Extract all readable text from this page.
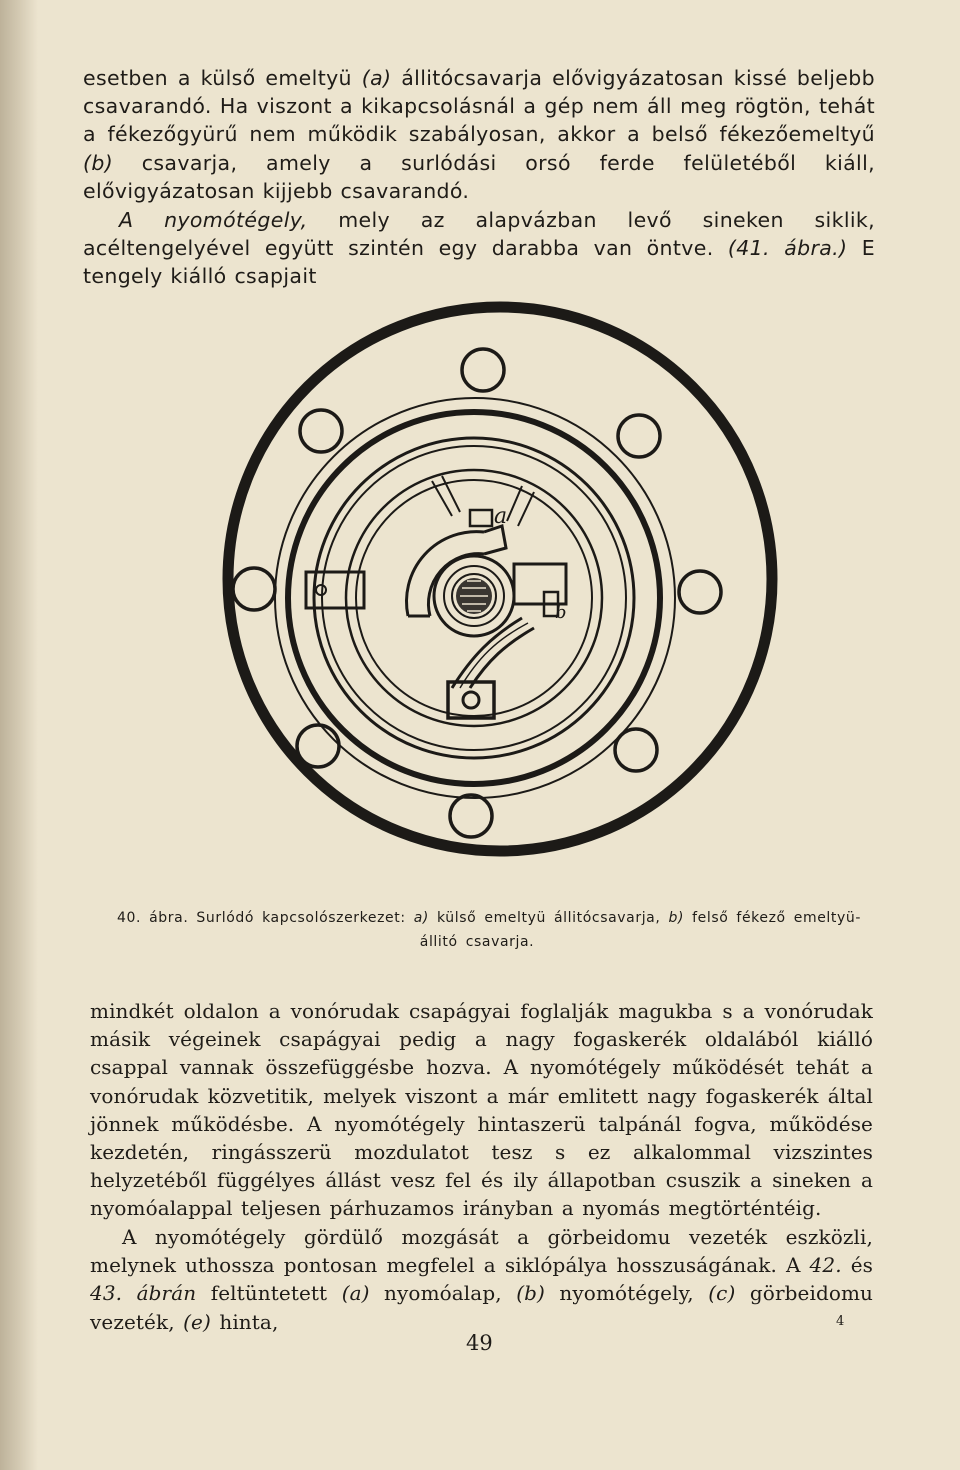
esetben a külső emeltyü (a) állitócsavarja elővigyázatosan kissé beljebb csavarandó. Ha viszont a kikapcsolásnál a gép nem áll meg rögtön, tehát a fékezőgyürű nem működik szabályosan, akkor a belső fékezőemeltyű (b) csavarja, amely a surlódási orsó ferde felületéből kiáll, elővigyázatosan kijjebb csavarandó.

A nyomótégely, mely az alapvázban levő sineken siklik, acéltengelyével együtt szintén egy darabba van öntve. (41. ábra.) E tengely kiálló csapjait

a
b
40. ábra. Surlódó kapcsolószerkezet: a) külső emeltyü állitócsavarja, b) felső fékező emeltyü-
állitó csavarja.

mindkét oldalon a vonórudak csapágyai foglalják magukba s a vonórudak másik végeinek csapágyai pedig a nagy fogaskerék oldalából kiálló csappal vannak összefüggésbe hozva. A nyomótégely működését tehát a vonórudak közvetitik, melyek viszont a már emlitett nagy fogaskerék által jönnek működésbe. A nyomótégely hintaszerü talpánál fogva, működése kezdetén, ringásszerü mozdulatot tesz s ez alkalommal vizszintes helyzetéből függélyes állást vesz fel és ily állapotban csuszik a sineken a nyomóalappal teljesen párhuzamos irányban a nyomás megtörténtéig.

A nyomótégely gördülő mozgását a görbeidomu vezeték eszközli, melynek uthossza pontosan megfelel a siklópálya hosszuságának. A 42. és 43. ábrán feltüntetett (a) nyomóalap, (b) nyomótégely, (c) görbeidomu vezeték, (e) hinta,	4
49
